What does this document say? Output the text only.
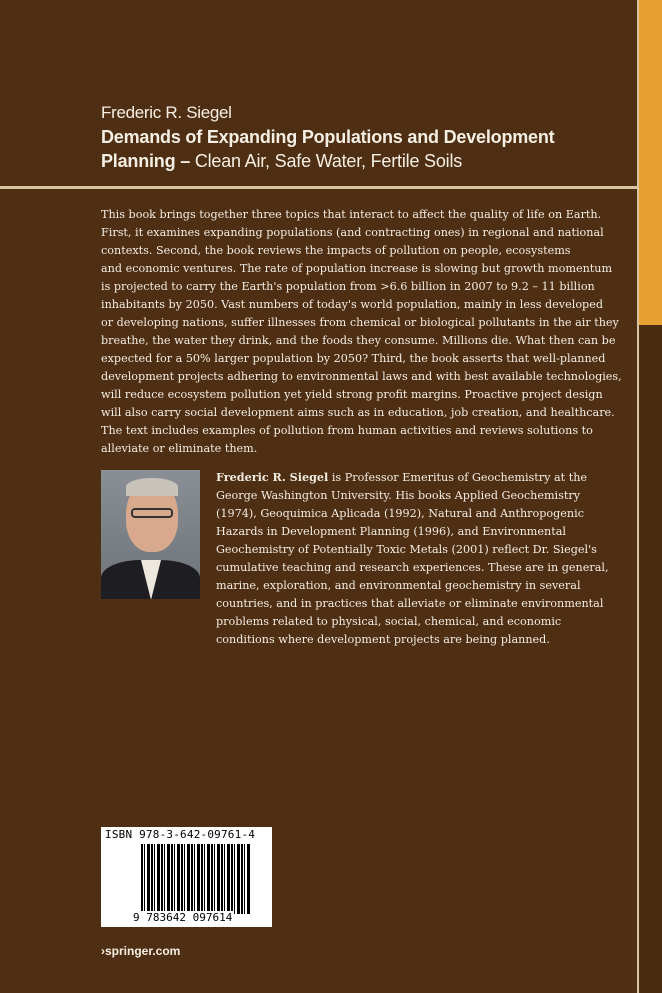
Frederic R. Siegel
Demands of Expanding Populations and Development
Planning – Clean Air, Safe Water, Fertile Soils
This book brings together three topics that interact to affect the quality of life on Earth.
First, it examines expanding populations (and contracting ones) in regional and national
contexts. Second, the book reviews the impacts of pollution on people, ecosystems
and economic ventures. The rate of population increase is slowing but growth momentum
is projected to carry the Earth's population from >6.6 billion in 2007 to 9.2 – 11 billion
inhabitants by 2050. Vast numbers of today's world population, mainly in less developed
or developing nations, suffer illnesses from chemical or biological pollutants in the air they
breathe, the water they drink, and the foods they consume. Millions die. What then can be
expected for a 50% larger population by 2050? Third, the book asserts that well-planned
development projects adhering to environmental laws and with best available technologies,
will reduce ecosystem pollution yet yield strong profit margins. Proactive project design
will also carry social development aims such as in education, job creation, and healthcare.
The text includes examples of pollution from human activities and reviews solutions to
alleviate or eliminate them.
Frederic R. Siegel is Professor Emeritus of Geochemistry at the
George Washington University. His books Applied Geochemistry
(1974), Geoquimica Aplicada (1992), Natural and Anthropogenic
Hazards in Development Planning (1996), and Environmental
Geochemistry of Potentially Toxic Metals (2001) reflect Dr. Siegel's
cumulative teaching and research experiences. These are in general,
marine, exploration, and environmental geochemistry in several
countries, and in practices that alleviate or eliminate environmental
problems related to physical, social, chemical, and economic
conditions where development projects are being planned.
ISBN 978-3-642-09761-4
9 783642 097614
›springer.com
